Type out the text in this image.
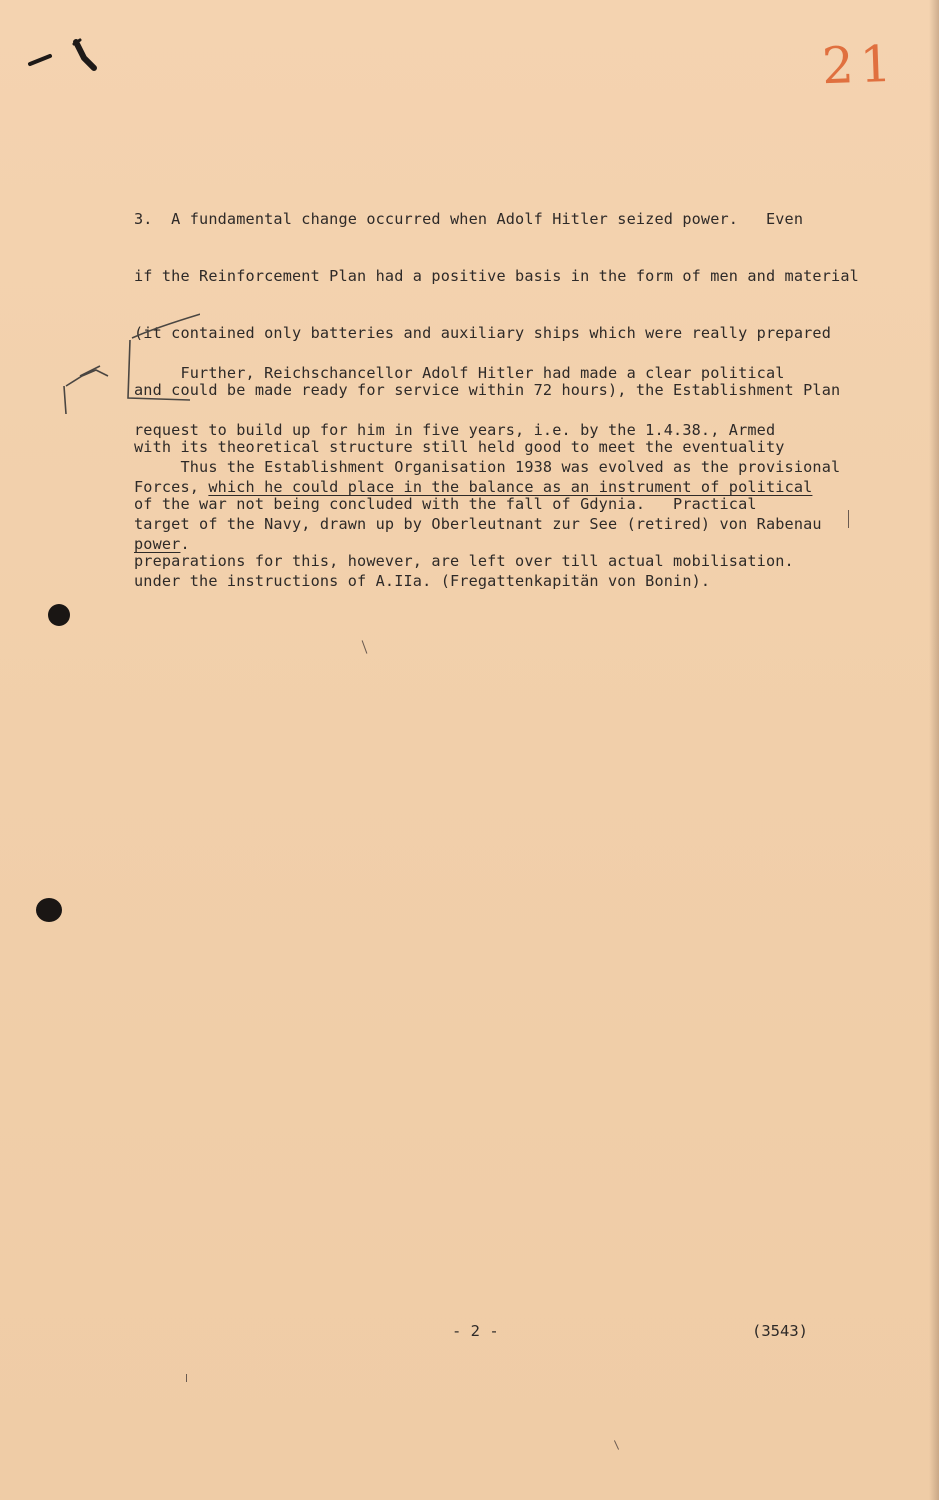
21

3.  A fundamental change occurred when Adolf Hitler seized power.   Even

if the Reinforcement Plan had a positive basis in the form of men and material

(it contained only batteries and auxiliary ships which were really prepared

and could be made ready for service within 72 hours), the Establishment Plan

with its theoretical structure still held good to meet the eventuality

of the war not being concluded with the fall of Gdynia.   Practical

preparations for this, however, are left over till actual mobilisation.

Further, Reichschancellor Adolf Hitler had made a clear political

request to build up for him in five years, i.e. by the 1.4.38., Armed

Forces, which he could place in the balance as an instrument of political

power.

Thus the Establishment Organisation 1938 was evolved as the provisional

target of the Navy, drawn up by Oberleutnant zur See (retired) von Rabenau

under the instructions of A.IIa. (Fregattenkapitän von Bonin).

- 2 -	(3543)
